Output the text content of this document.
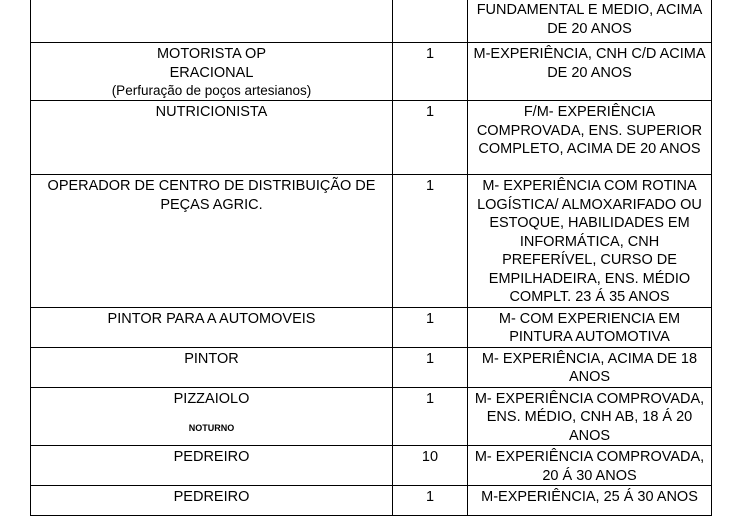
		FUNDAMENTAL E MEDIO, ACIMA DE 20 ANOS

MOTORISTA OP ERACIONAL
(Perfuração de poços artesianos)	1	M-EXPERIÊNCIA, CNH C/D ACIMA DE 20 ANOS
NUTRICIONISTA	1	F/M- EXPERIÊNCIA COMPROVADA, ENS. SUPERIOR COMPLETO, ACIMA DE 20 ANOS
OPERADOR DE CENTRO DE DISTRIBUIÇÃO DE PEÇAS AGRIC.	1	M- EXPERIÊNCIA COM ROTINA LOGÍSTICA/ ALMOXARIFADO OU ESTOQUE, HABILIDADES EM INFORMÁTICA, CNH PREFERÍVEL, CURSO DE EMPILHADEIRA, ENS. MÉDIO COMPLT. 23 Á 35 ANOS
PINTOR PARA A AUTOMOVEIS	1	M- COM EXPERIENCIA EM PINTURA AUTOMOTIVA
PINTOR	1	M- EXPERIÊNCIA, ACIMA DE 18 ANOS
PIZZAIOLO
NOTURNO	1	M- EXPERIÊNCIA COMPROVADA, ENS. MÉDIO, CNH AB, 18 Á 20 ANOS
PEDREIRO	10	M- EXPERIÊNCIA COMPROVADA, 20 Á 30 ANOS
PEDREIRO	1	M-EXPERIÊNCIA, 25 Á 30 ANOS
